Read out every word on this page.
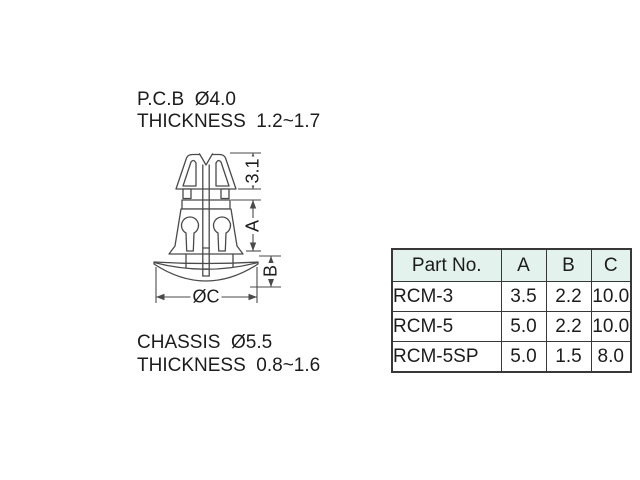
P.C.B  Ø4.0
THICKNESS  1.2~1.7
CHASSIS  Ø5.5
THICKNESS  0.8~1.6
3.1
A
B
ØC
Part No.	A	B	C
RCM-3	3.5	2.2	10.0
RCM-5	5.0	2.2	10.0
RCM-5SP	5.0	1.5	8.0
